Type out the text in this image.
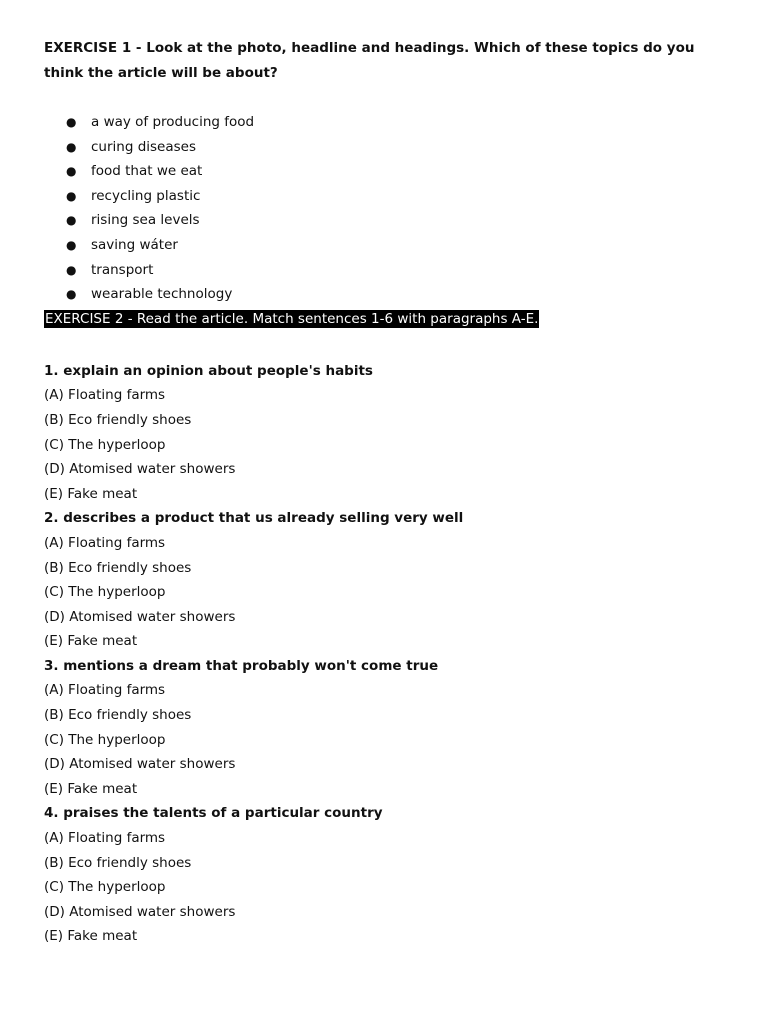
EXERCISE 1 - Look at the photo, headline and headings. Which of these topics do you think the article will be about?

● a way of producing food
● curing diseases
● food that we eat
● recycling plastic
● rising sea levels
● saving wáter
● transport
● wearable technology
EXERCISE 2 - Read the article. Match sentences 1-6 with paragraphs A-E.
1. explain an opinion about people's habits
(A) Floating farms
(B) Eco friendly shoes
(C) The hyperloop
(D) Atomised water showers
(E) Fake meat
2. describes a product that us already selling very well
(A) Floating farms
(B) Eco friendly shoes
(C) The hyperloop
(D) Atomised water showers
(E) Fake meat
3. mentions a dream that probably won't come true
(A) Floating farms
(B) Eco friendly shoes
(C) The hyperloop
(D) Atomised water showers
(E) Fake meat
4. praises the talents of a particular country
(A) Floating farms
(B) Eco friendly shoes
(C) The hyperloop
(D) Atomised water showers
(E) Fake meat
